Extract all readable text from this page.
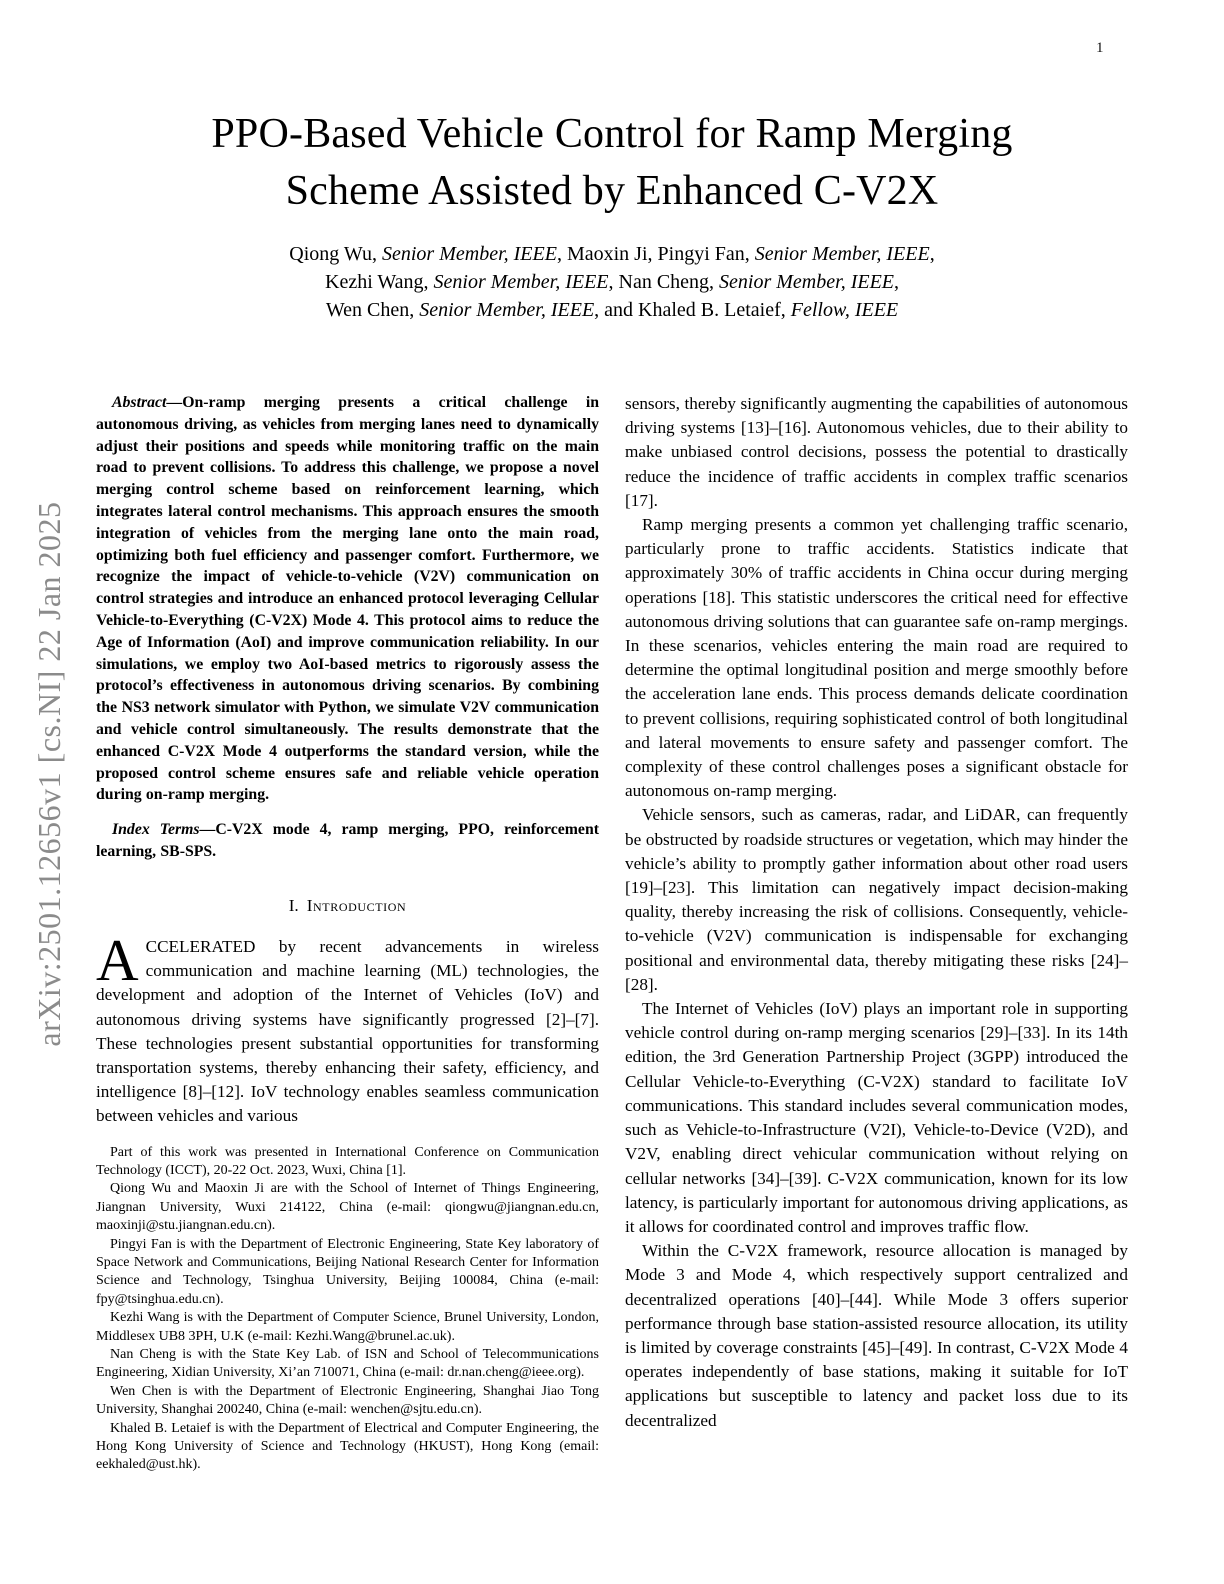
1
arXiv:2501.12656v1 [cs.NI] 22 Jan 2025
PPO-Based Vehicle Control for Ramp Merging
Scheme Assisted by Enhanced C-V2X
Qiong Wu, Senior Member, IEEE, Maoxin Ji, Pingyi Fan, Senior Member, IEEE,
Kezhi Wang, Senior Member, IEEE, Nan Cheng, Senior Member, IEEE,
Wen Chen, Senior Member, IEEE, and Khaled B. Letaief, Fellow, IEEE

Abstract—On-ramp merging presents a critical challenge in autonomous driving, as vehicles from merging lanes need to dynamically adjust their positions and speeds while monitoring traffic on the main road to prevent collisions. To address this challenge, we propose a novel merging control scheme based on reinforcement learning, which integrates lateral control mechanisms. This approach ensures the smooth integration of vehicles from the merging lane onto the main road, optimizing both fuel efficiency and passenger comfort. Furthermore, we recognize the impact of vehicle-to-vehicle (V2V) communication on control strategies and introduce an enhanced protocol leveraging Cellular Vehicle-to-Everything (C-V2X) Mode 4. This protocol aims to reduce the Age of Information (AoI) and improve communication reliability. In our simulations, we employ two AoI-based metrics to rigorously assess the protocol’s effectiveness in autonomous driving scenarios. By combining the NS3 network simulator with Python, we simulate V2V communication and vehicle control simultaneously. The results demonstrate that the enhanced C-V2X Mode 4 outperforms the standard version, while the proposed control scheme ensures safe and reliable vehicle operation during on-ramp merging.

Index Terms—C-V2X mode 4, ramp merging, PPO, reinforcement learning, SB-SPS.

I. Introduction

ACCELERATED by recent advancements in wireless communication and machine learning (ML) technologies, the development and adoption of the Internet of Vehicles (IoV) and autonomous driving systems have significantly progressed [2]–[7]. These technologies present substantial opportunities for transforming transportation systems, thereby enhancing their safety, efficiency, and intelligence [8]–[12]. IoV technology enables seamless communication between vehicles and various

Part of this work was presented in International Conference on Communication Technology (ICCT), 20-22 Oct. 2023, Wuxi, China [1].

Qiong Wu and Maoxin Ji are with the School of Internet of Things Engineering, Jiangnan University, Wuxi 214122, China (e-mail: qiongwu@jiangnan.edu.cn, maoxinji@stu.jiangnan.edu.cn).

Pingyi Fan is with the Department of Electronic Engineering, State Key laboratory of Space Network and Communications, Beijing National Research Center for Information Science and Technology, Tsinghua University, Beijing 100084, China (e-mail: fpy@tsinghua.edu.cn).

Kezhi Wang is with the Department of Computer Science, Brunel University, London, Middlesex UB8 3PH, U.K (e-mail: Kezhi.Wang@brunel.ac.uk).

Nan Cheng is with the State Key Lab. of ISN and School of Telecommunications Engineering, Xidian University, Xi’an 710071, China (e-mail: dr.nan.cheng@ieee.org).

Wen Chen is with the Department of Electronic Engineering, Shanghai Jiao Tong University, Shanghai 200240, China (e-mail: wenchen@sjtu.edu.cn).

Khaled B. Letaief is with the Department of Electrical and Computer Engineering, the Hong Kong University of Science and Technology (HKUST), Hong Kong (email: eekhaled@ust.hk).

sensors, thereby significantly augmenting the capabilities of autonomous driving systems [13]–[16]. Autonomous vehicles, due to their ability to make unbiased control decisions, possess the potential to drastically reduce the incidence of traffic accidents in complex traffic scenarios [17].

Ramp merging presents a common yet challenging traffic scenario, particularly prone to traffic accidents. Statistics indicate that approximately 30% of traffic accidents in China occur during merging operations [18]. This statistic underscores the critical need for effective autonomous driving solutions that can guarantee safe on-ramp mergings. In these scenarios, vehicles entering the main road are required to determine the optimal longitudinal position and merge smoothly before the acceleration lane ends. This process demands delicate coordination to prevent collisions, requiring sophisticated control of both longitudinal and lateral movements to ensure safety and passenger comfort. The complexity of these control challenges poses a significant obstacle for autonomous on-ramp merging.

Vehicle sensors, such as cameras, radar, and LiDAR, can frequently be obstructed by roadside structures or vegetation, which may hinder the vehicle’s ability to promptly gather information about other road users [19]–[23]. This limitation can negatively impact decision-making quality, thereby increasing the risk of collisions. Consequently, vehicle-to-vehicle (V2V) communication is indispensable for exchanging positional and environmental data, thereby mitigating these risks [24]–[28].

The Internet of Vehicles (IoV) plays an important role in supporting vehicle control during on-ramp merging scenarios [29]–[33]. In its 14th edition, the 3rd Generation Partnership Project (3GPP) introduced the Cellular Vehicle-to-Everything (C-V2X) standard to facilitate IoV communications. This standard includes several communication modes, such as Vehicle-to-Infrastructure (V2I), Vehicle-to-Device (V2D), and V2V, enabling direct vehicular communication without relying on cellular networks [34]–[39]. C-V2X communication, known for its low latency, is particularly important for autonomous driving applications, as it allows for coordinated control and improves traffic flow.

Within the C-V2X framework, resource allocation is managed by Mode 3 and Mode 4, which respectively support centralized and decentralized operations [40]–[44]. While Mode 3 offers superior performance through base station-assisted resource allocation, its utility is limited by coverage constraints [45]–[49]. In contrast, C-V2X Mode 4 operates independently of base stations, making it suitable for IoT applications but susceptible to latency and packet loss due to its decentralized
